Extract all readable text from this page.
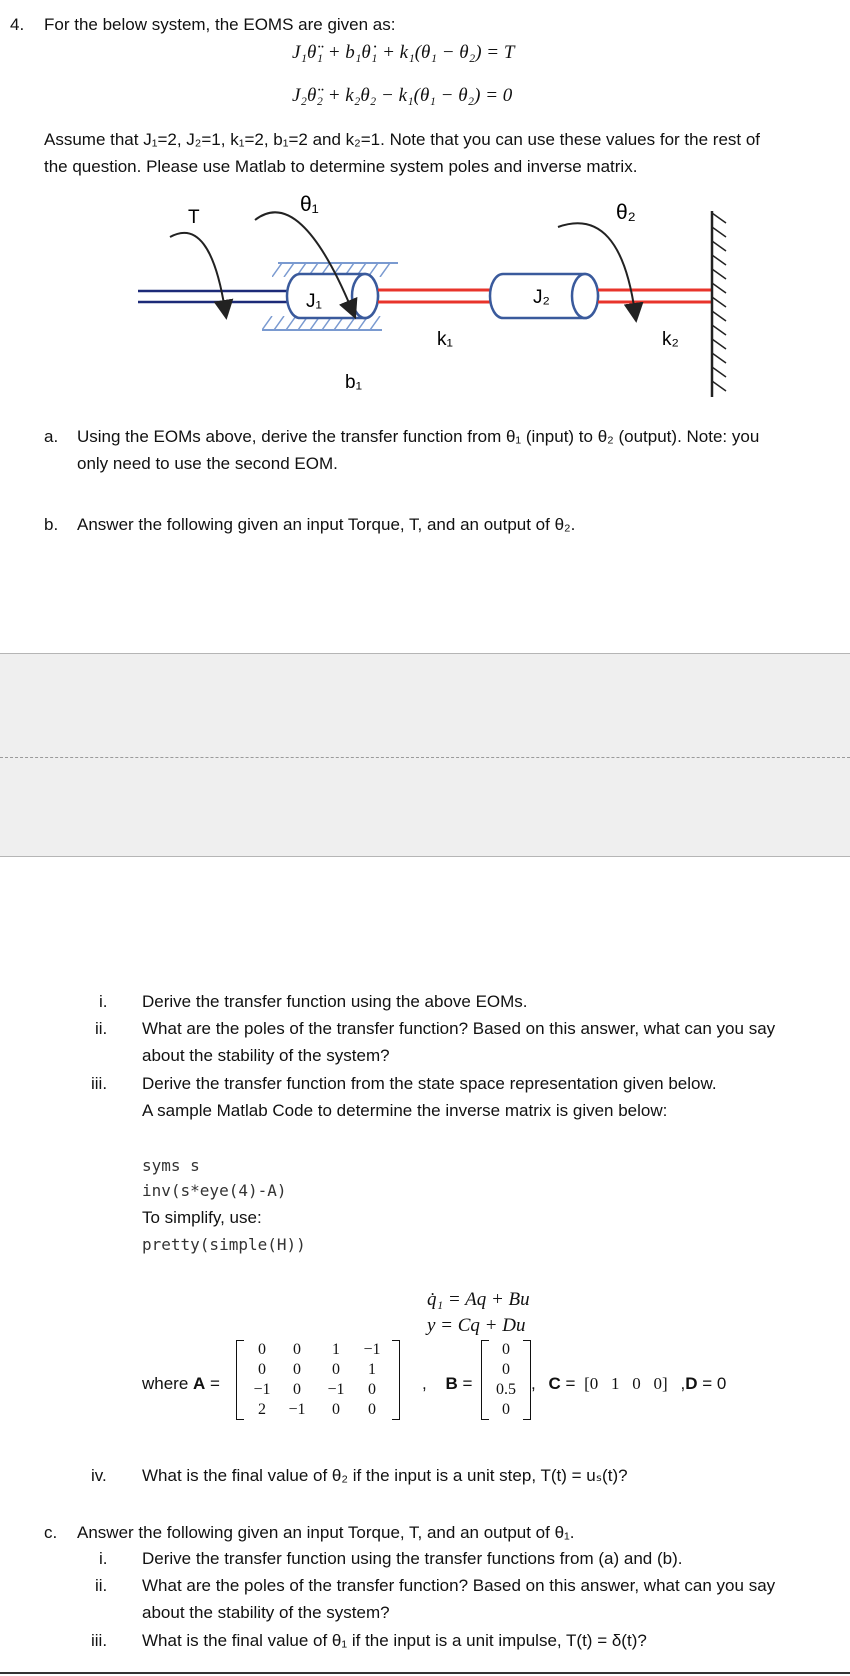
4. For the below system, the EOMS are given as:
J₁θ̈₁ + b₁θ̇₁ + k₁(θ₁ − θ₂) = T
J₂θ̈₂ + k₂θ₂ − k₁(θ₁ − θ₂) = 0
Assume that J₁=2, J₂=1, k₁=2, b₁=2 and k₂=1. Note that you can use these values for the rest of
the question. Please use Matlab to determine system poles and inverse matrix.
T
θ₁	θ₂
J₁	J₂
k₁	k₂
b₁
a. Using the EOMs above, derive the transfer function from θ₁ (input) to θ₂ (output). Note: you
only need to use the second EOM.
b. Answer the following given an input Torque, T, and an output of θ₂.
i. Derive the transfer function using the above EOMs.
ii. What are the poles of the transfer function? Based on this answer, what can you say
about the stability of the system?
iii. Derive the transfer function from the state space representation given below.
A sample Matlab Code to determine the inverse matrix is given below:
syms s
inv(s*eye(4)-A)
To simplify, use:
pretty(simple(H))
q̇₁ = Aq + Bu
y = Cq + Du
where A =
0	0	1	−1
0	0	0	1
−1	0	−1	0
2	−1	0	0
, B =
0
0
0.5
0
, C = [0   1   0   0] ,D = 0
iv. What is the final value of θ₂ if the input is a unit step, T(t) = uₛ(t)?
c. Answer the following given an input Torque, T, and an output of θ₁.
i. Derive the transfer function using the transfer functions from (a) and (b).
ii. What are the poles of the transfer function? Based on this answer, what can you say
about the stability of the system?
iii. What is the final value of θ₁ if the input is a unit impulse, T(t) = δ(t)?
